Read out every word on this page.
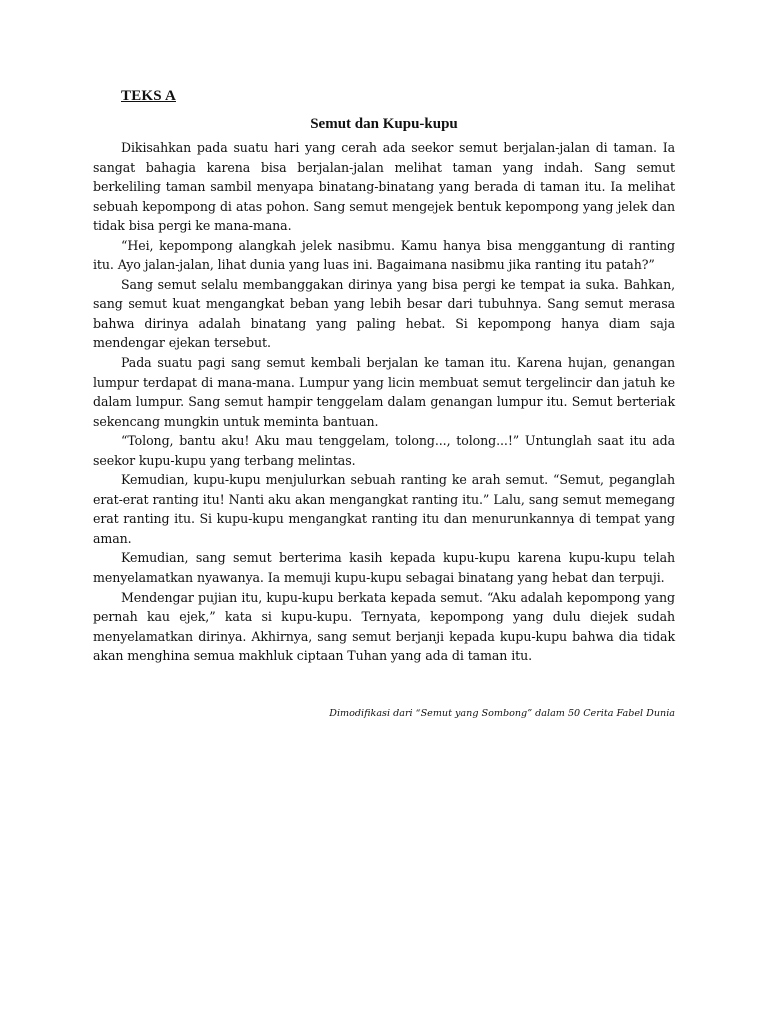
TEKS A
Semut dan Kupu-kupu

Dikisahkan pada suatu hari yang cerah ada seekor semut berjalan-jalan di taman. Ia sangat bahagia karena bisa berjalan-jalan melihat taman yang indah. Sang semut berkeliling taman sambil menyapa binatang-binatang yang berada di taman itu. Ia melihat sebuah kepompong di atas pohon. Sang semut mengejek bentuk kepompong yang jelek dan tidak bisa pergi ke mana-mana.

“Hei, kepompong alangkah jelek nasibmu. Kamu hanya bisa menggantung di ranting itu. Ayo jalan-jalan, lihat dunia yang luas ini. Bagaimana nasibmu jika ranting itu patah?”

Sang semut selalu membanggakan dirinya yang bisa pergi ke tempat ia suka. Bahkan, sang semut kuat mengangkat beban yang lebih besar dari tubuhnya. Sang semut merasa bahwa dirinya adalah binatang yang paling hebat. Si kepompong hanya diam saja mendengar ejekan tersebut.

Pada suatu pagi sang semut kembali berjalan ke taman itu. Karena hujan, genangan lumpur terdapat di mana-mana. Lumpur yang licin membuat semut tergelincir dan jatuh ke dalam lumpur. Sang semut hampir tenggelam dalam genangan lumpur itu. Semut berteriak sekencang mungkin untuk meminta bantuan.

“Tolong, bantu aku! Aku mau tenggelam, tolong..., tolong...!” Untunglah saat itu ada seekor kupu-kupu yang terbang melintas.

Kemudian, kupu-kupu menjulurkan sebuah ranting ke arah semut. “Semut, peganglah erat-erat ranting itu! Nanti aku akan mengangkat ranting itu.” Lalu, sang semut memegang erat ranting itu. Si kupu-kupu mengangkat ranting itu dan menurunkannya di tempat yang aman.

Kemudian, sang semut berterima kasih kepada kupu-kupu karena kupu-kupu telah menyelamatkan nyawanya. Ia memuji kupu-kupu sebagai binatang yang hebat dan terpuji.

Mendengar pujian itu, kupu-kupu berkata kepada semut. “Aku adalah kepompong yang pernah kau ejek,” kata si kupu-kupu. Ternyata, kepompong yang dulu diejek sudah menyelamatkan dirinya. Akhirnya, sang semut berjanji kepada kupu-kupu bahwa dia tidak akan menghina semua makhluk ciptaan Tuhan yang ada di taman itu.

Dimodifikasi dari “Semut yang Sombong” dalam 50 Cerita Fabel Dunia
